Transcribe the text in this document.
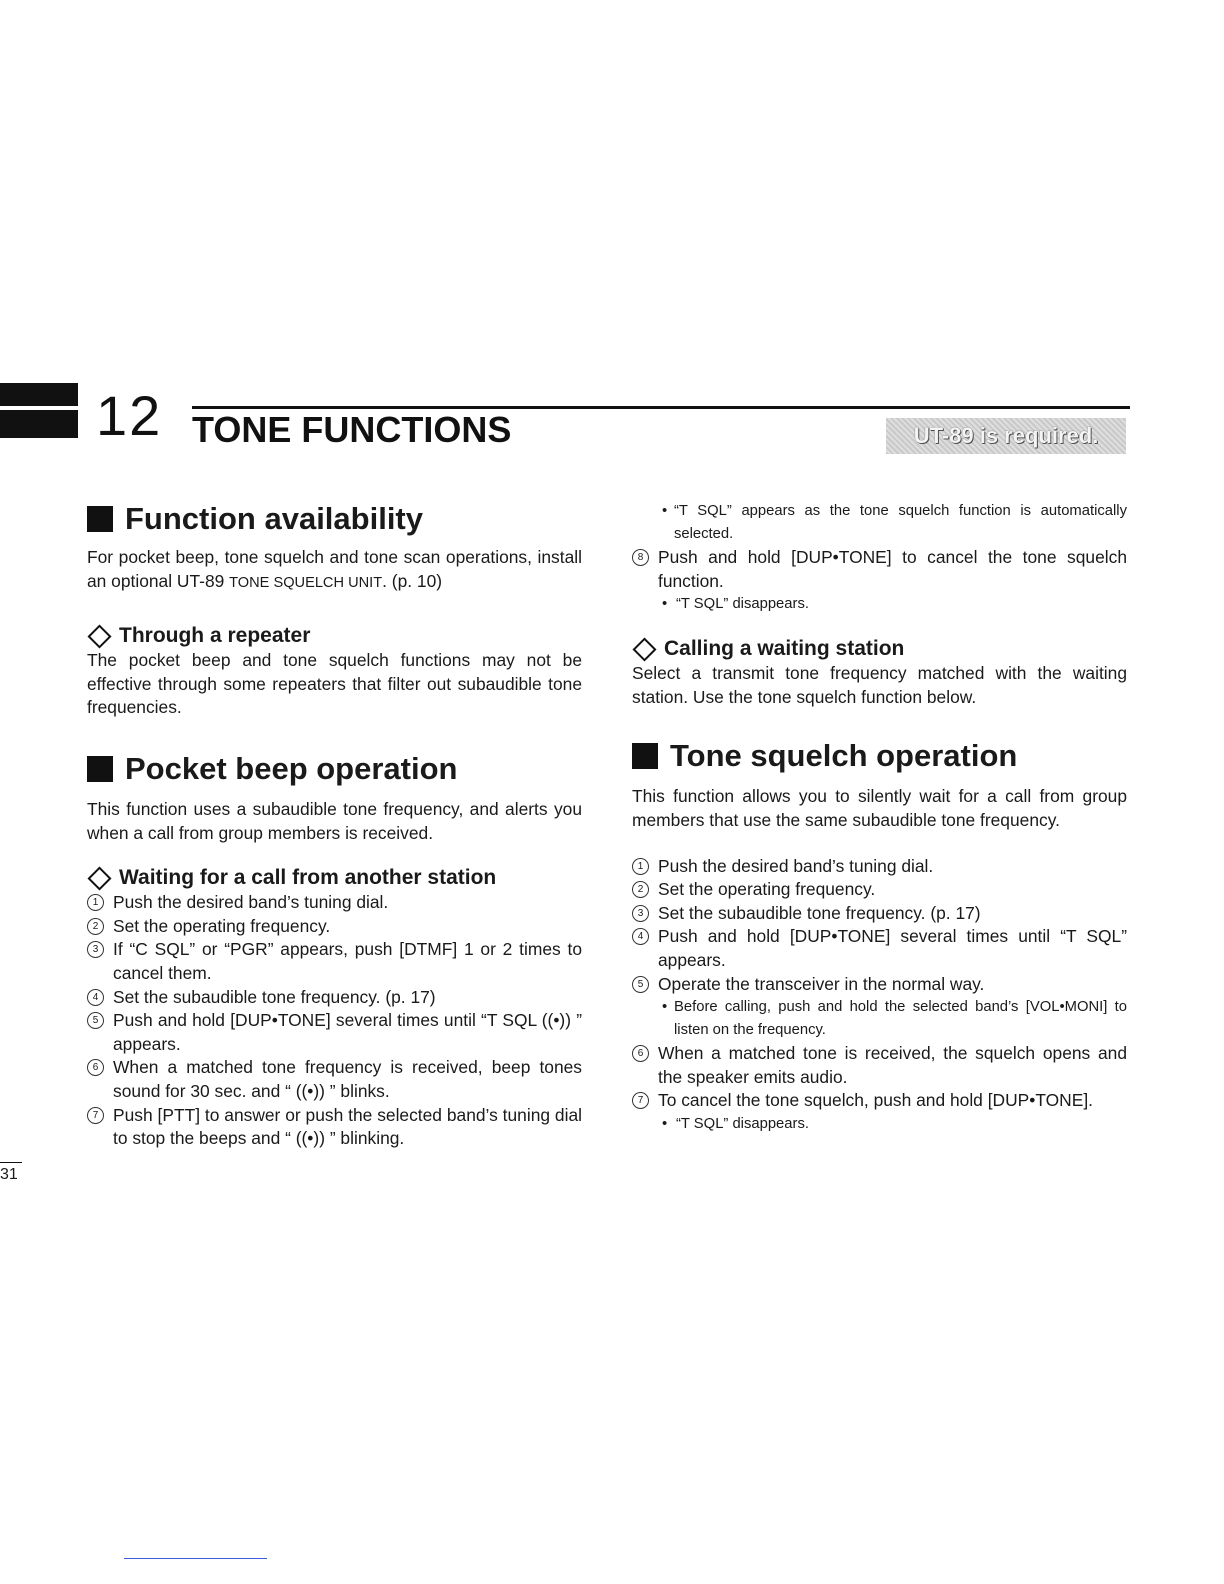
12 TONE FUNCTIONS	UT-89 is required.
Function availability

For pocket beep, tone squelch and tone scan operations, install an optional UT-89 TONE SQUELCH UNIT. (p. 10)

Through a repeater

The pocket beep and tone squelch functions may not be effective through some repeaters that filter out subaudible tone frequencies.

Pocket beep operation

This function uses a subaudible tone frequency, and alerts you when a call from group members is received.

Waiting for a call from another station
1 Push the desired band’s tuning dial.
2 Set the operating frequency.
3 If “C SQL” or “PGR” appears, push [DTMF] 1 or 2 times to cancel them.
4 Set the subaudible tone frequency. (p. 17)
5 Push and hold [DUP•TONE] several times until “T SQL ((•)) ” appears.
6 When a matched tone frequency is received, beep tones sound for 30 sec. and “ ((•)) ” blinks.
7 Push [PTT] to answer or push the selected band’s tuning dial to stop the beeps and “ ((•)) ” blinking.
• “T SQL” appears as the tone squelch function is automatically selected.
8 Push and hold [DUP•TONE] to cancel the tone squelch function.
• “T SQL” disappears.
Calling a waiting station

Select a transmit tone frequency matched with the waiting station. Use the tone squelch function below.

Tone squelch operation

This function allows you to silently wait for a call from group members that use the same subaudible tone frequency.

1 Push the desired band’s tuning dial.
2 Set the operating frequency.
3 Set the subaudible tone frequency. (p. 17)
4 Push and hold [DUP•TONE] several times until “T SQL” appears.
5 Operate the transceiver in the normal way.
• Before calling, push and hold the selected band’s [VOL•MONI] to listen on the frequency.
6 When a matched tone is received, the squelch opens and the speaker emits audio.
7 To cancel the tone squelch, push and hold [DUP•TONE].
• “T SQL” disappears.
31
